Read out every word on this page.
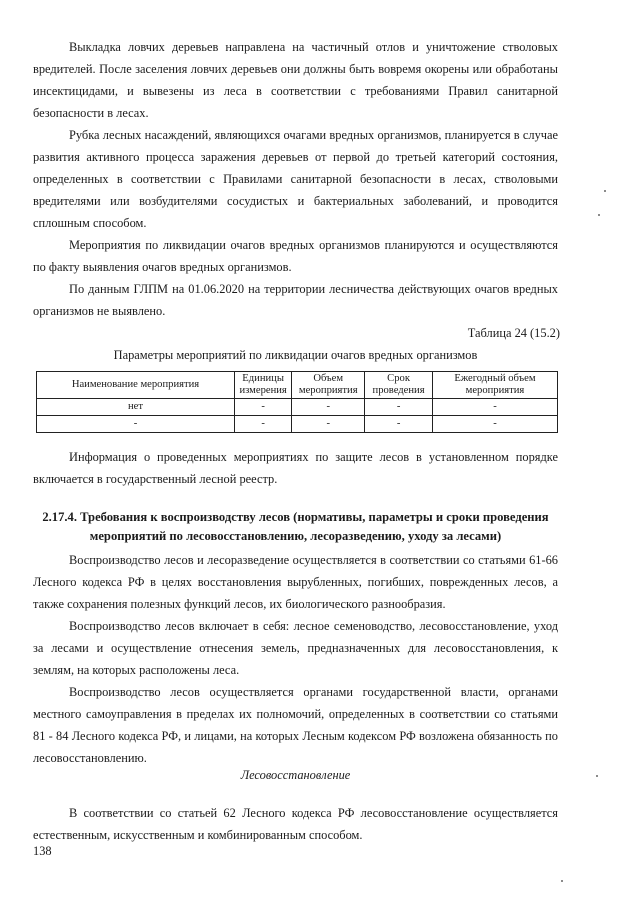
Выкладка ловчих деревьев направлена на частичный отлов и уничтожение стволовых вредителей. После заселения ловчих деревьев они должны быть вовремя окорены или обработаны инсектицидами, и вывезены из леса в соответствии с требованиями Правил санитарной безопасности в лесах.

Рубка лесных насаждений, являющихся очагами вредных организмов, планируется в случае развития активного процесса заражения деревьев от первой до третьей категорий состояния, определенных в соответствии с Правилами санитарной безопасности в лесах, стволовыми вредителями или возбудителями сосудистых и бактериальных заболеваний, и проводится сплошным способом.

Мероприятия по ликвидации очагов вредных организмов планируются и осуществляются по факту выявления очагов вредных организмов.

По данным ГЛПМ на 01.06.2020 на территории лесничества действующих очагов вредных организмов не выявлено.

Таблица 24 (15.2)
Параметры мероприятий по ликвидации очагов вредных организмов
Наименование мероприятия	Единицы измерения	Объем мероприятия	Срок проведения	Ежегодный объем мероприятия
нет	-	-	-	-
-	-	-	-	-

Информация о проведенных мероприятиях по защите лесов в установленном порядке включается в государственный лесной реестр.

2.17.4. Требования к воспроизводству лесов (нормативы, параметры и сроки проведения мероприятий по лесовосстановлению, лесоразведению, уходу за лесами)

Воспроизводство лесов и лесоразведение осуществляется в соответствии со статьями 61-66 Лесного кодекса РФ в целях восстановления вырубленных, погибших, поврежденных лесов, а также сохранения полезных функций лесов, их биологического разнообразия.

Воспроизводство лесов включает в себя: лесное семеноводство, лесовосстановление, уход за лесами и осуществление отнесения земель, предназначенных для лесовосстановления, к землям, на которых расположены леса.

Воспроизводство лесов осуществляется органами государственной власти, органами местного самоуправления в пределах их полномочий, определенных в соответствии со статьями 81 - 84 Лесного кодекса РФ, и лицами, на которых Лесным кодексом РФ возложена обязанность по лесовосстановлению.

Лесовосстановление

В соответствии со статьей 62 Лесного кодекса РФ лесовосстановление осуществляется естественным, искусственным и комбинированным способом.

138
